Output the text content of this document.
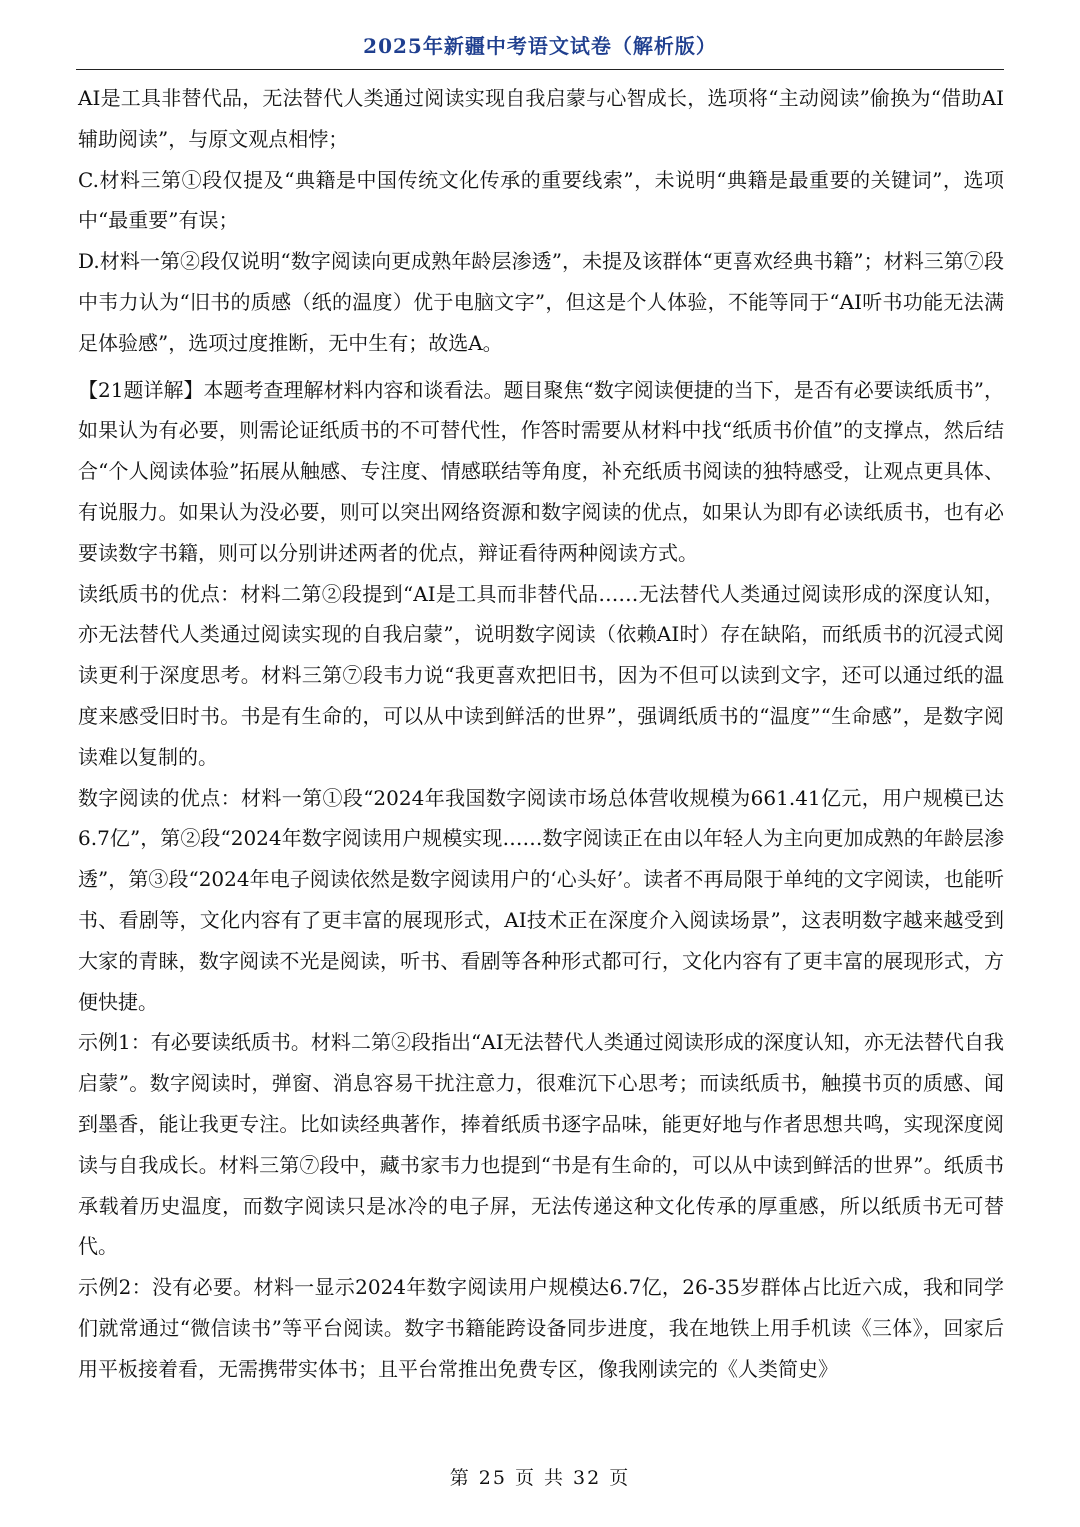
2025年新疆中考语文试卷（解析版）

AI是工具非替代品，无法替代人类通过阅读实现自我启蒙与心智成长，选项将“主动阅读”偷换为“借助AI辅助阅读”，与原文观点相悖；

C.材料三第①段仅提及“典籍是中国传统文化传承的重要线索”，未说明“典籍是最重要的关键词”，选项中“最重要”有误；

D.材料一第②段仅说明“数字阅读向更成熟年龄层渗透”，未提及该群体“更喜欢经典书籍”；材料三第⑦段中韦力认为“旧书的质感（纸的温度）优于电脑文字”，但这是个人体验，不能等同于“AI听书功能无法满足体验感”，选项过度推断，无中生有；故选A。

【21题详解】本题考查理解材料内容和谈看法。题目聚焦“数字阅读便捷的当下，是否有必要读纸质书”，如果认为有必要，则需论证纸质书的不可替代性，作答时需要从材料中找“纸质书价值”的支撑点，然后结合“个人阅读体验”拓展从触感、专注度、情感联结等角度，补充纸质书阅读的独特感受，让观点更具体、有说服力。如果认为没必要，则可以突出网络资源和数字阅读的优点，如果认为即有必读纸质书，也有必要读数字书籍，则可以分别讲述两者的优点，辩证看待两种阅读方式。

读纸质书的优点：材料二第②段提到“AI是工具而非替代品……无法替代人类通过阅读形成的深度认知，亦无法替代人类通过阅读实现的自我启蒙”，说明数字阅读（依赖AI时）存在缺陷，而纸质书的沉浸式阅读更利于深度思考。材料三第⑦段韦力说“我更喜欢把旧书，因为不但可以读到文字，还可以通过纸的温度来感受旧时书。书是有生命的，可以从中读到鲜活的世界”，强调纸质书的“温度”“生命感”，是数字阅读难以复制的。

数字阅读的优点：材料一第①段“2024年我国数字阅读市场总体营收规模为661.41亿元，用户规模已达6.7亿”，第②段“2024年数字阅读用户规模实现……数字阅读正在由以年轻人为主向更加成熟的年龄层渗透”，第③段“2024年电子阅读依然是数字阅读用户的‘心头好’。读者不再局限于单纯的文字阅读，也能听书、看剧等，文化内容有了更丰富的展现形式，AI技术正在深度介入阅读场景”，这表明数字越来越受到大家的青睐，数字阅读不光是阅读，听书、看剧等各种形式都可行，文化内容有了更丰富的展现形式，方便快捷。

示例1：有必要读纸质书。材料二第②段指出“AI无法替代人类通过阅读形成的深度认知，亦无法替代自我启蒙”。数字阅读时，弹窗、消息容易干扰注意力，很难沉下心思考；而读纸质书，触摸书页的质感、闻到墨香，能让我更专注。比如读经典著作，捧着纸质书逐字品味，能更好地与作者思想共鸣，实现深度阅读与自我成长。材料三第⑦段中，藏书家韦力也提到“书是有生命的，可以从中读到鲜活的世界”。纸质书承载着历史温度，而数字阅读只是冰冷的电子屏，无法传递这种文化传承的厚重感，所以纸质书无可替代。

示例2：没有必要。材料一显示2024年数字阅读用户规模达6.7亿，26-35岁群体占比近六成，我和同学们就常通过“微信读书”等平台阅读。数字书籍能跨设备同步进度，我在地铁上用手机读《三体》，回家后用平板接着看，无需携带实体书；且平台常推出免费专区，像我刚读完的《人类简史》

第 25 页 共 32 页
